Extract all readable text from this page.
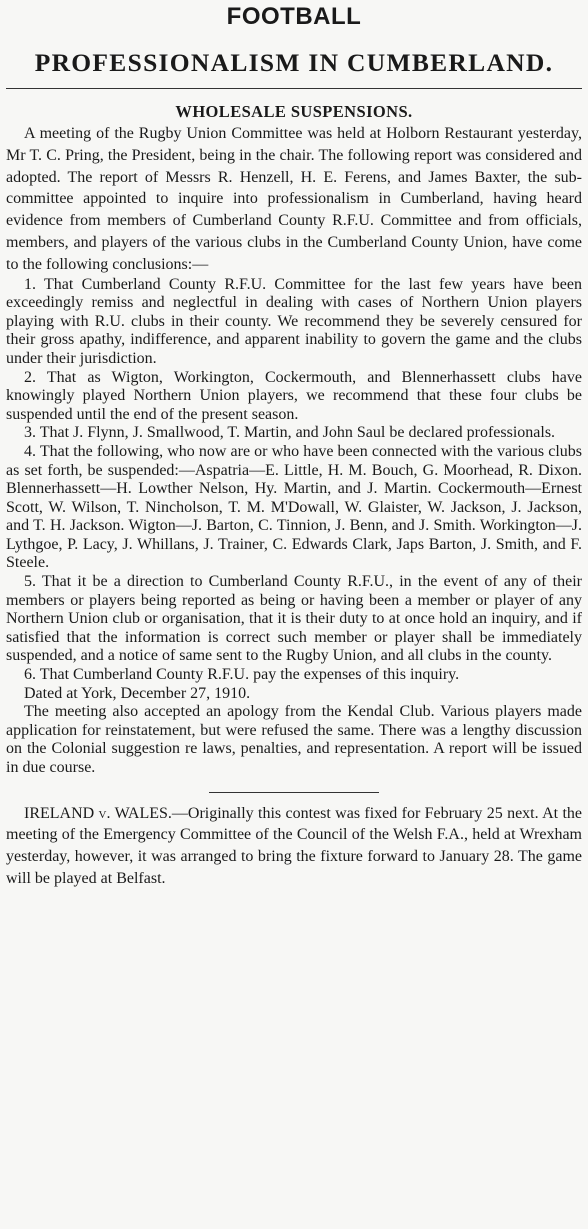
FOOTBALL
PROFESSIONALISM IN CUMBERLAND.
WHOLESALE SUSPENSIONS.

A meeting of the Rugby Union Committee was held at Holborn Restaurant yesterday, Mr T. C. Pring, the President, being in the chair. The following report was considered and adopted. The report of Messrs R. Henzell, H. E. Ferens, and James Baxter, the sub-committee appointed to inquire into professionalism in Cumberland, having heard evidence from members of Cumberland County R.F.U. Committee and from officials, members, and players of the various clubs in the Cumberland County Union, have come to the following conclusions:—

1. That Cumberland County R.F.U. Committee for the last few years have been exceedingly remiss and neglectful in dealing with cases of Northern Union players playing with R.U. clubs in their county. We recommend they be severely censured for their gross apathy, indifference, and apparent inability to govern the game and the clubs under their jurisdiction.

2. That as Wigton, Workington, Cockermouth, and Blennerhassett clubs have knowingly played Northern Union players, we recommend that these four clubs be suspended until the end of the present season.

3. That J. Flynn, J. Smallwood, T. Martin, and John Saul be declared professionals.

4. That the following, who now are or who have been connected with the various clubs as set forth, be suspended:—Aspatria—E. Little, H. M. Bouch, G. Moorhead, R. Dixon. Blennerhassett—H. Lowther Nelson, Hy. Martin, and J. Martin. Cockermouth—Ernest Scott, W. Wilson, T. Nincholson, T. M. M'Dowall, W. Glaister, W. Jackson, J. Jackson, and T. H. Jackson. Wigton—J. Barton, C. Tinnion, J. Benn, and J. Smith. Workington—J. Lythgoe, P. Lacy, J. Whillans, J. Trainer, C. Edwards Clark, Japs Barton, J. Smith, and F. Steele.

5. That it be a direction to Cumberland County R.F.U., in the event of any of their members or players being reported as being or having been a member or player of any Northern Union club or organisation, that it is their duty to at once hold an inquiry, and if satisfied that the information is correct such member or player shall be immediately suspended, and a notice of same sent to the Rugby Union, and all clubs in the county.

6. That Cumberland County R.F.U. pay the expenses of this inquiry.

Dated at York, December 27, 1910.

The meeting also accepted an apology from the Kendal Club. Various players made application for reinstatement, but were refused the same. There was a lengthy discussion on the Colonial suggestion re laws, penalties, and representation. A report will be issued in due course.

IRELAND v. WALES.—Originally this contest was fixed for February 25 next. At the meeting of the Emergency Committee of the Council of the Welsh F.A., held at Wrexham yesterday, however, it was arranged to bring the fixture forward to January 28. The game will be played at Belfast.
